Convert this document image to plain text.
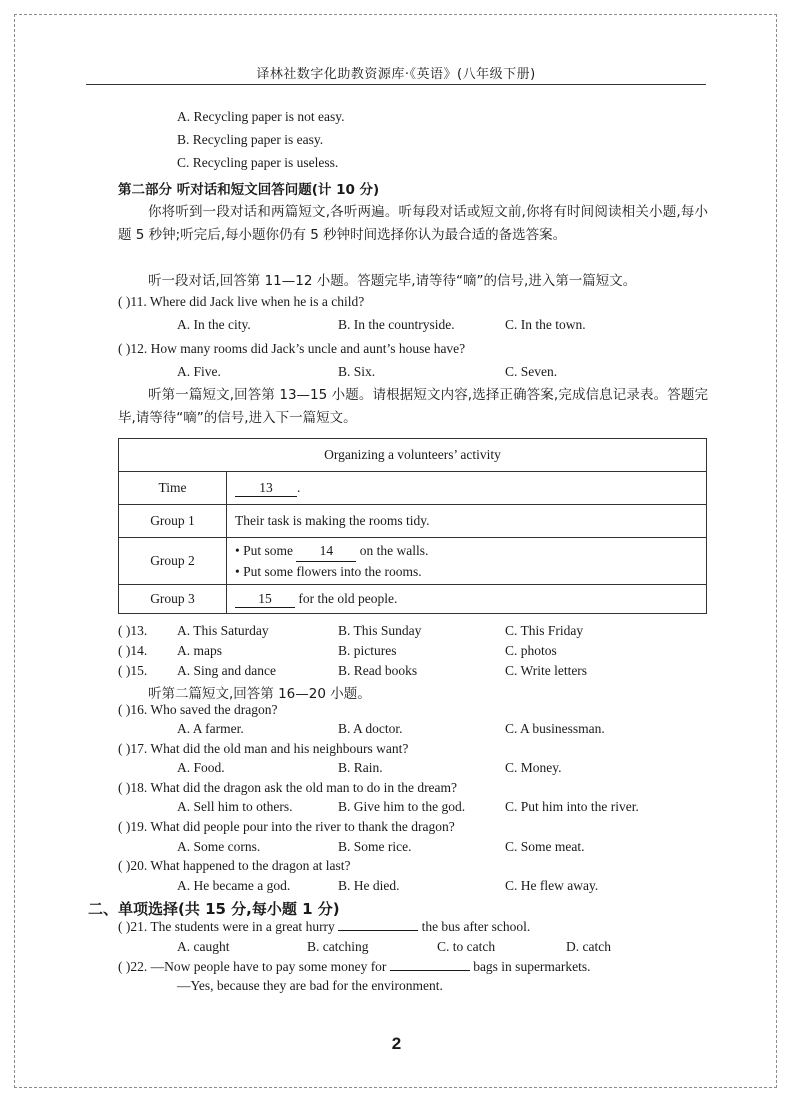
译林社数字化助教资源库·《英语》(八年级下册)
A. Recycling paper is not easy.
B. Recycling paper is easy.
C. Recycling paper is useless.
第二部分 听对话和短文回答问题(计 10 分)
你将听到一段对话和两篇短文,各听两遍。听每段对话或短文前,你将有时间阅读相关小题,每小题 5 秒钟;听完后,每小题你仍有 5 秒钟时间选择你认为最合适的备选答案。
听一段对话,回答第 11—12 小题。答题完毕,请等待“嘀”的信号,进入第一篇短文。
( )11. Where did Jack live when he is a child?
A. In the city.	B. In the countryside.	C. In the town.
( )12. How many rooms did Jack’s uncle and aunt’s house have?
A. Five.	B. Six.	C. Seven.
听第一篇短文,回答第 13—15 小题。请根据短文内容,选择正确答案,完成信息记录表。答题完毕,请等待“嘀”的信号,进入下一篇短文。
Organizing a volunteers’ activity	
Time	13 .
Group 1	Their task is making the rooms tidy.
Group 2	• Put some 14 on the walls.
• Put some flowers into the rooms.

Group 3	15 for the old people.
( )13. A. This Saturday	B. This Sunday	C. This Friday
( )14. A. maps	B. pictures	C. photos
( )15. A. Sing and dance	B. Read books	C. Write letters
听第二篇短文,回答第 16—20 小题。
( )16. Who saved the dragon?
A. A farmer.	B. A doctor.	C. A businessman.
( )17. What did the old man and his neighbours want?
A. Food.	B. Rain.	C. Money.
( )18. What did the dragon ask the old man to do in the dream?
A. Sell him to others.	B. Give him to the god.	C. Put him into the river.
( )19. What did people pour into the river to thank the dragon?
A. Some corns.	B. Some rice.	C. Some meat.
( )20. What happened to the dragon at last?
A. He became a god.	B. He died.	C. He flew away.
二、单项选择(共 15 分,每小题 1 分)
( )21. The students were in a great hurry	the bus after school.
A. caught	B. catching	C. to catch	D. catch
( )22. —Now people have to pay some money for	bags in supermarkets.
—Yes, because they are bad for the environment.
2
